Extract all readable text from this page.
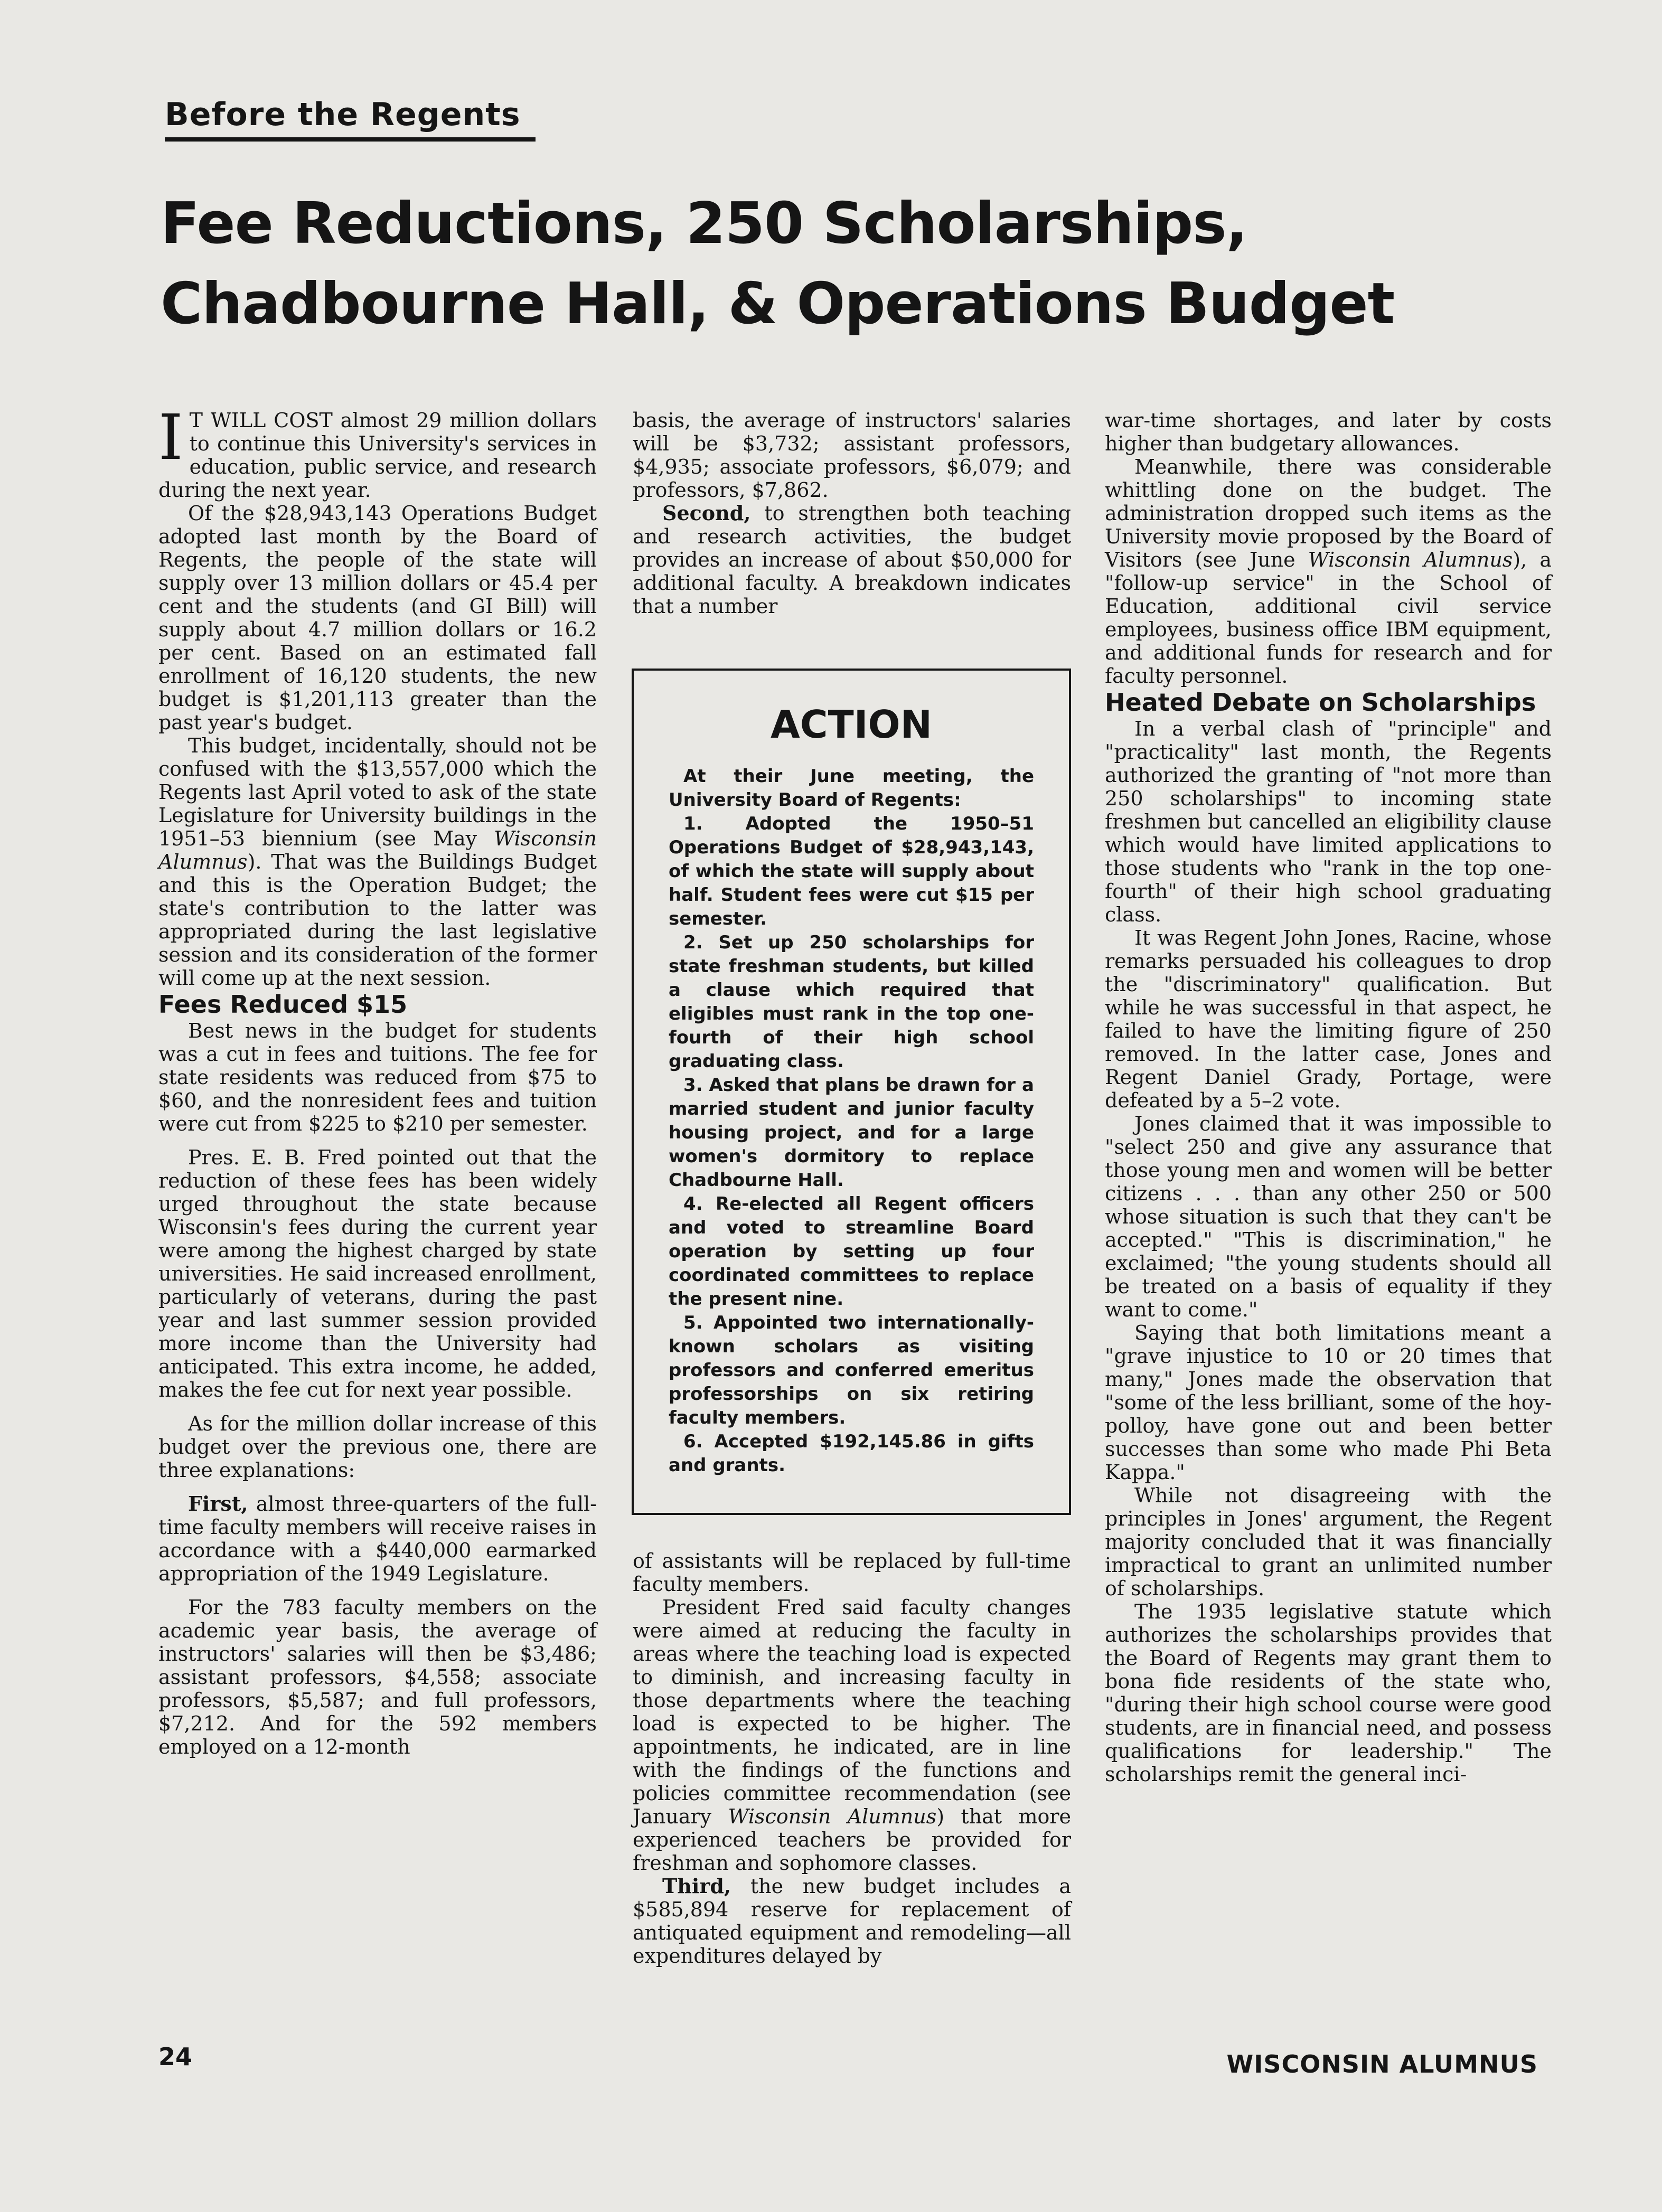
Before the Regents
Fee Reductions, 250 Scholarships,
Chadbourne Hall, & Operations Budget

I T WILL COST almost 29 million dollars to continue this University's services in education, public service, and research during the next year.

Of the $28,943,143 Operations Budget adopted last month by the Board of Regents, the people of the state will supply over 13 million dollars or 45.4 per cent and the students (and GI Bill) will supply about 4.7 million dollars or 16.2 per cent. Based on an estimated fall enrollment of 16,120 students, the new budget is $1,201,113 greater than the past year's budget.

This budget, incidentally, should not be confused with the $13,557,000 which the Regents last April voted to ask of the state Legislature for University buildings in the 1951–53 biennium (see May Wisconsin Alumnus). That was the Buildings Budget and this is the Operation Budget; the state's contribution to the latter was appropriated during the last legislative session and its consideration of the former will come up at the next session.

Fees Reduced $15

Best news in the budget for students was a cut in fees and tuitions. The fee for state residents was reduced from $75 to $60, and the nonresident fees and tuition were cut from $225 to $210 per semester.

Pres. E. B. Fred pointed out that the reduction of these fees has been widely urged throughout the state because Wisconsin's fees during the current year were among the highest charged by state universities. He said increased enrollment, particularly of veterans, during the past year and last summer session provided more income than the University had anticipated. This extra income, he added, makes the fee cut for next year possible.

As for the million dollar increase of this budget over the previous one, there are three explanations:

First, almost three-quarters of the full-time faculty members will receive raises in accordance with a $440,000 earmarked appropriation of the 1949 Legislature.

For the 783 faculty members on the academic year basis, the average of instructors' salaries will then be $3,486; assistant professors, $4,558; associate professors, $5,587; and full professors, $7,212. And for the 592 members employed on a 12-month

basis, the average of instructors' salaries will be $3,732; assistant professors, $4,935; associate professors, $6,079; and professors, $7,862.

Second, to strengthen both teaching and research activities, the budget provides an increase of about $50,000 for additional faculty. A breakdown indicates that a number

ACTION

At their June meeting, the University Board of Regents:

1. Adopted the 1950–51 Operations Budget of $28,943,143, of which the state will supply about half. Student fees were cut $15 per semester.

2. Set up 250 scholarships for state freshman students, but killed a clause which required that eligibles must rank in the top one-fourth of their high school graduating class.

3. Asked that plans be drawn for a married student and junior faculty housing project, and for a large women's dormitory to replace Chadbourne Hall.

4. Re-elected all Regent officers and voted to streamline Board operation by setting up four coordinated committees to replace the present nine.

5. Appointed two internationally-known scholars as visiting professors and conferred emeritus professorships on six retiring faculty members.

6. Accepted $192,145.86 in gifts and grants.

of assistants will be replaced by full-time faculty members.

President Fred said faculty changes were aimed at reducing the faculty in areas where the teaching load is expected to diminish, and increasing faculty in those departments where the teaching load is expected to be higher. The appointments, he indicated, are in line with the findings of the functions and policies committee recommendation (see January Wisconsin Alumnus) that more experienced teachers be provided for freshman and sophomore classes.

Third, the new budget includes a $585,894 reserve for replacement of antiquated equipment and remodeling—all expenditures delayed by

war-time shortages, and later by costs higher than budgetary allowances.

Meanwhile, there was considerable whittling done on the budget. The administration dropped such items as the University movie proposed by the Board of Visitors (see June Wisconsin Alumnus), a "follow-up service" in the School of Education, additional civil service employees, business office IBM equipment, and additional funds for research and for faculty personnel.

Heated Debate on Scholarships

In a verbal clash of "principle" and "practicality" last month, the Regents authorized the granting of "not more than 250 scholarships" to incoming state freshmen but cancelled an eligibility clause which would have limited applications to those students who "rank in the top one-fourth" of their high school graduating class.

It was Regent John Jones, Racine, whose remarks persuaded his colleagues to drop the "discriminatory" qualification. But while he was successful in that aspect, he failed to have the limiting figure of 250 removed. In the latter case, Jones and Regent Daniel Grady, Portage, were defeated by a 5–2 vote.

Jones claimed that it was impossible to "select 250 and give any assurance that those young men and women will be better citizens . . . than any other 250 or 500 whose situation is such that they can't be accepted." "This is discrimination," he exclaimed; "the young students should all be treated on a basis of equality if they want to come."

Saying that both limitations meant a "grave injustice to 10 or 20 times that many," Jones made the observation that "some of the less brilliant, some of the hoy-polloy, have gone out and been better successes than some who made Phi Beta Kappa."

While not disagreeing with the principles in Jones' argument, the Regent majority concluded that it was financially impractical to grant an unlimited number of scholarships.

The 1935 legislative statute which authorizes the scholarships provides that the Board of Regents may grant them to bona fide residents of the state who, "during their high school course were good students, are in financial need, and possess qualifications for leadership." The scholarships remit the general inci-

24	WISCONSIN ALUMNUS
